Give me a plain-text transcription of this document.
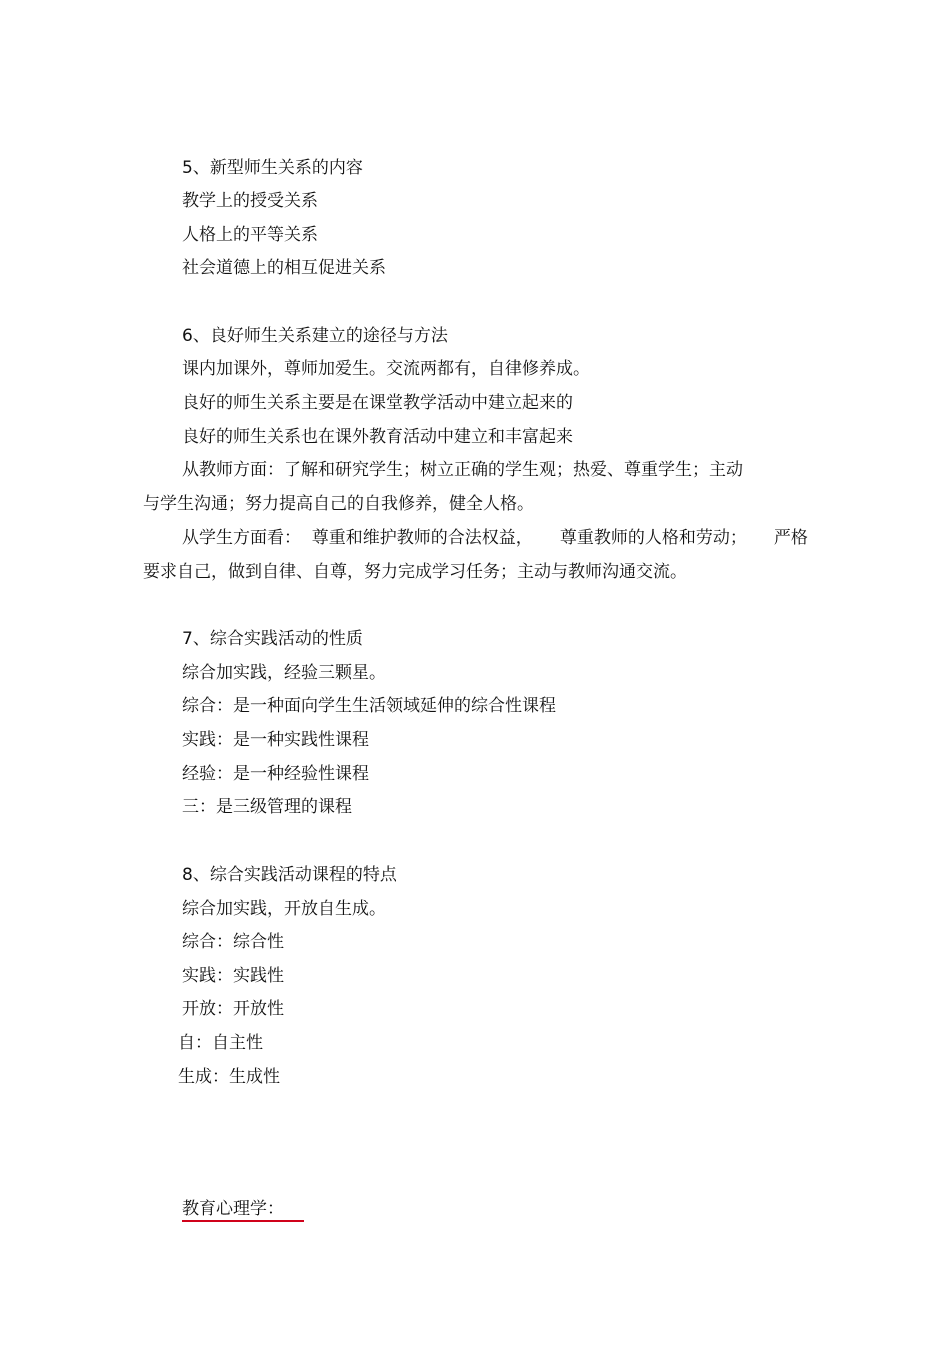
5、新型师生关系的内容

教学上的授受关系

人格上的平等关系

社会道德上的相互促进关系

6、良好师生关系建立的途径与方法

课内加课外，尊师加爱生。交流两都有，自律修养成。

良好的师生关系主要是在课堂教学活动中建立起来的

良好的师生关系也在课外教育活动中建立和丰富起来

从教师方面：了解和研究学生；树立正确的学生观；热爱、尊重学生；主动

与学生沟通；努力提高自己的自我修养，健全人格。

从学生方面看：  尊重和维护教师的合法权益，     尊重教师的人格和劳动；     严格

要求自己，做到自律、自尊，努力完成学习任务；主动与教师沟通交流。

7、综合实践活动的性质

综合加实践，经验三颗星。

综合：是一种面向学生生活领域延伸的综合性课程

实践：是一种实践性课程

经验：是一种经验性课程

三：是三级管理的课程

8、综合实践活动课程的特点

综合加实践，开放自生成。

综合：综合性

实践：实践性

开放：开放性

自：自主性

生成：生成性

教育心理学：
